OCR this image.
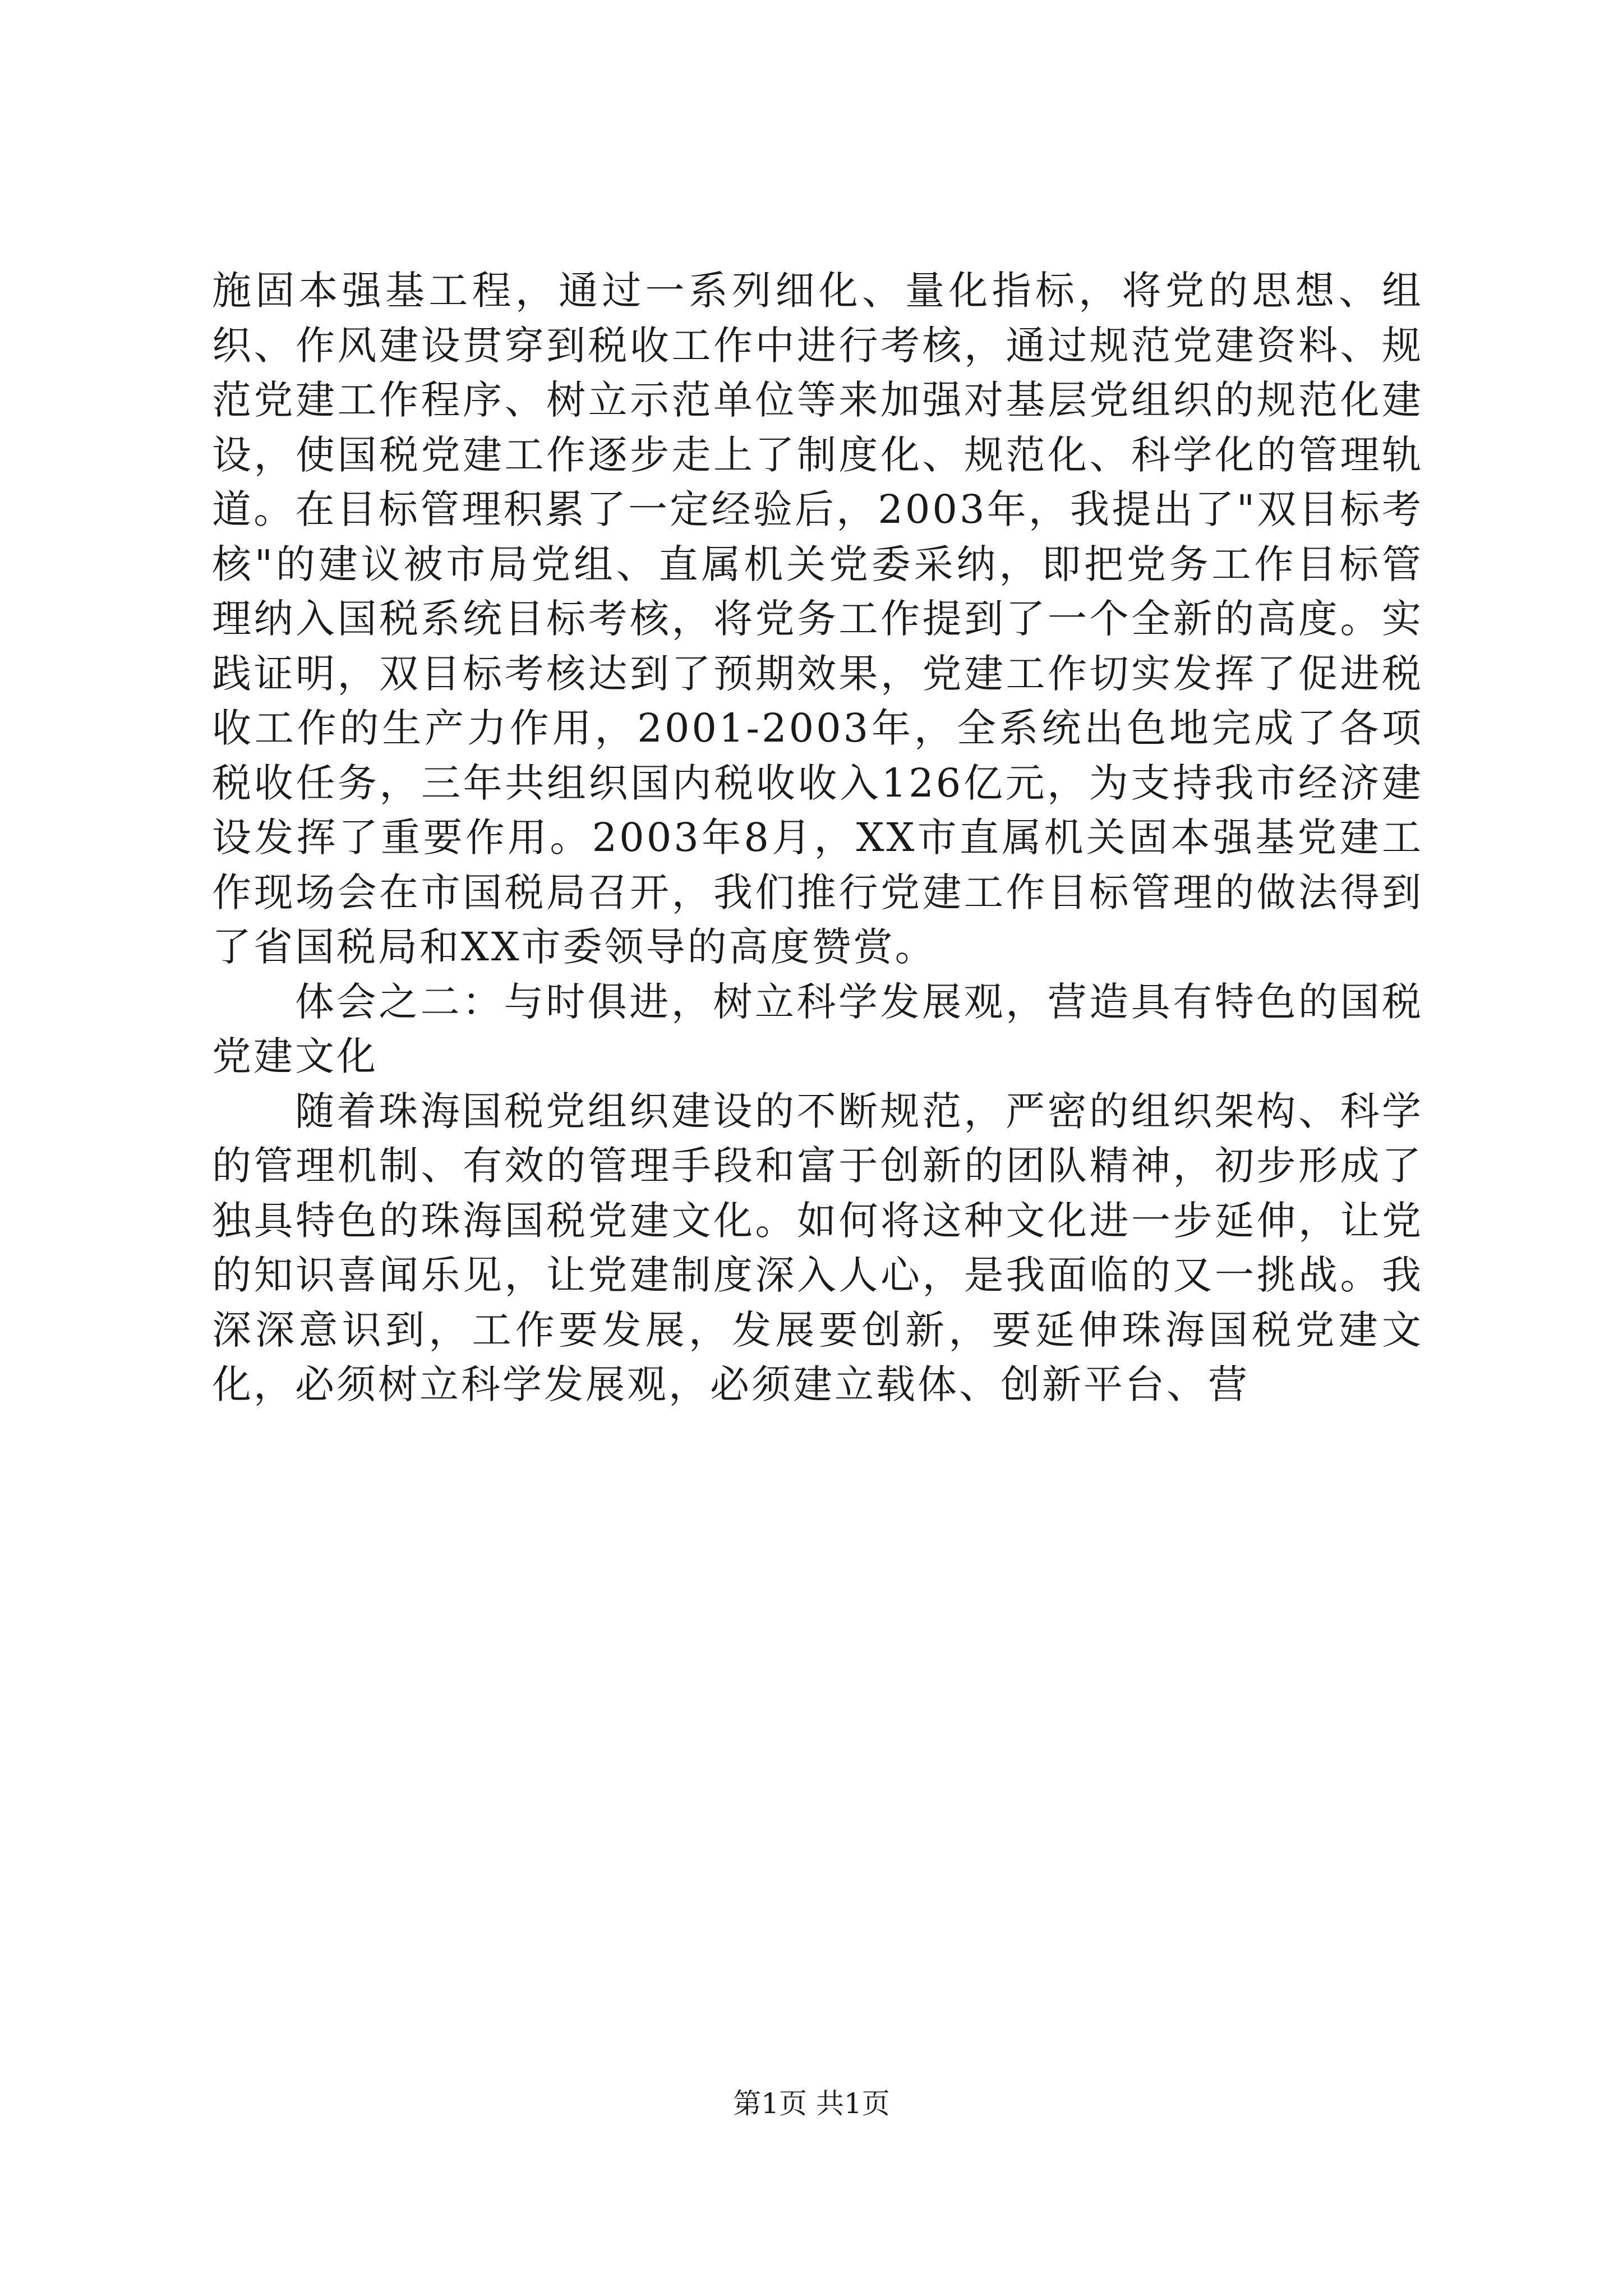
施固本强基工程，通过一系列细化、量化指标，将党的思想、组织、作风建设贯穿到税收工作中进行考核，通过规范党建资料、规范党建工作程序、树立示范单位等来加强对基层党组织的规范化建设，使国税党建工作逐步走上了制度化、规范化、科学化的管理轨道。在目标管理积累了一定经验后，2003年，我提出了"双目标考核"的建议被市局党组、直属机关党委采纳，即把党务工作目标管理纳入国税系统目标考核，将党务工作提到了一个全新的高度。实践证明，双目标考核达到了预期效果，党建工作切实发挥了促进税收工作的生产力作用，2001-2003年，全系统出色地完成了各项税收任务，三年共组织国内税收收入126亿元，为支持我市经济建设发挥了重要作用。2003年8月，XX市直属机关固本强基党建工作现场会在市国税局召开，我们推行党建工作目标管理的做法得到了省国税局和XX市委领导的高度赞赏。

体会之二：与时俱进，树立科学发展观，营造具有特色的国税党建文化

随着珠海国税党组织建设的不断规范，严密的组织架构、科学的管理机制、有效的管理手段和富于创新的团队精神，初步形成了独具特色的珠海国税党建文化。如何将这种文化进一步延伸，让党的知识喜闻乐见，让党建制度深入人心，是我面临的又一挑战。我深深意识到，工作要发展，发展要创新，要延伸珠海国税党建文化，必须树立科学发展观，必须建立载体、创新平台、营

第1页 共1页
